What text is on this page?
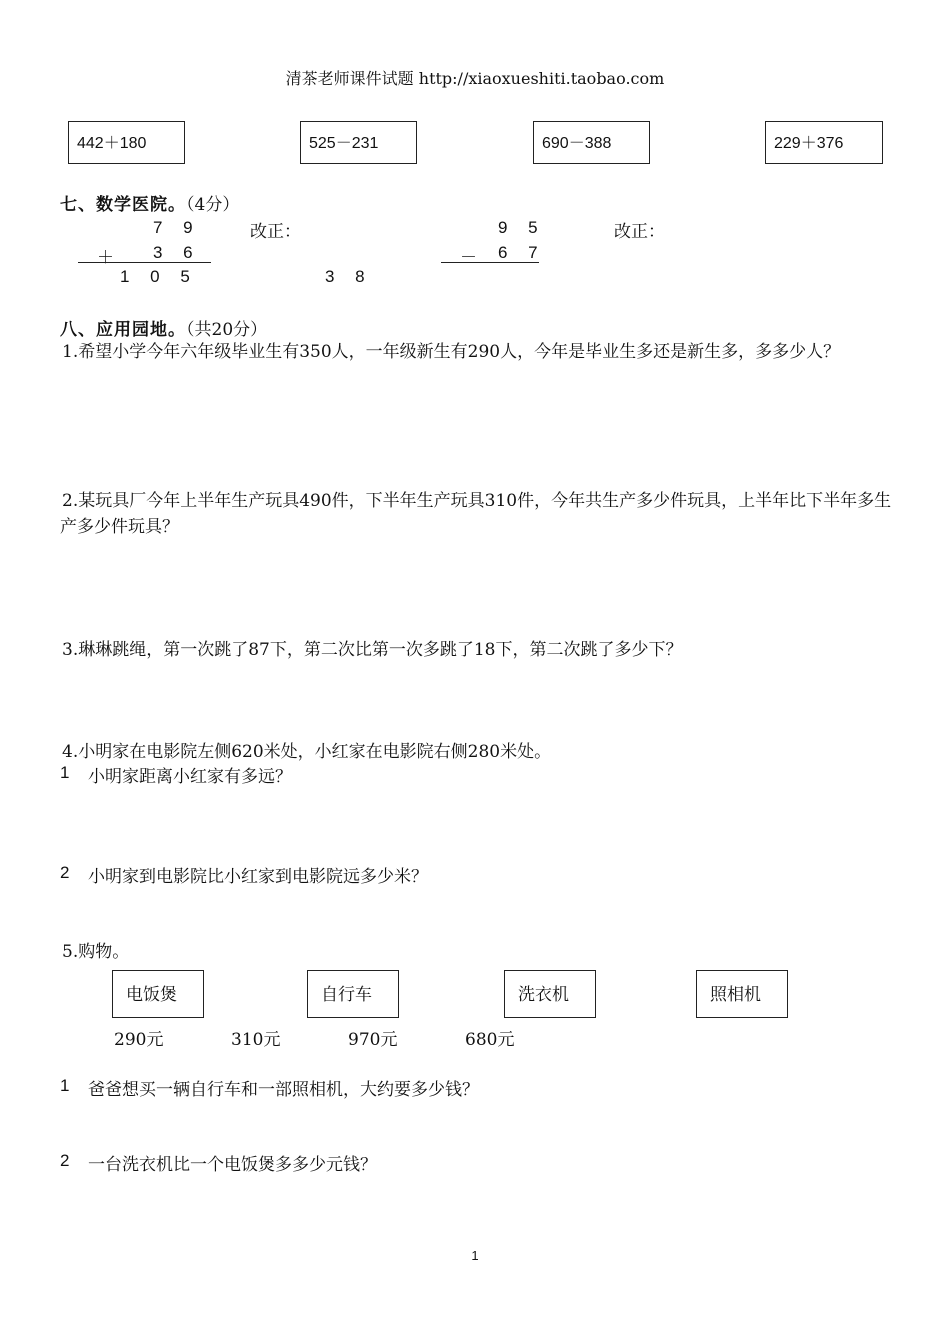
清茶老师课件试题 http://xiaoxueshiti.taobao.com
442＋180	525－231	690－388	229＋376
七、数学医院。（4分）
7 9	改正：
＋ 3 6
1 0 5
9 5	改正：
－ 6 7
3 8
八、应用园地。（共20分）
1.希望小学今年六年级毕业生有350人，一年级新生有290人，今年是毕业生多还是新生多，多多少人？
2.某玩具厂今年上半年生产玩具490件，下半年生产玩具310件，今年共生产多少件玩具，上半年比下半年多生产多少件玩具？
3.琳琳跳绳，第一次跳了87下，第二次比第一次多跳了18下，第二次跳了多少下？
4.小明家在电影院左侧620米处，小红家在电影院右侧280米处。
1 小明家距离小红家有多远？
2 小明家到电影院比小红家到电影院远多少米？
5.购物。
电饭煲	自行车	洗衣机	照相机
290元	310元	970元	680元
1 爸爸想买一辆自行车和一部照相机，大约要多少钱？
2 一台洗衣机比一个电饭煲多多少元钱？
1
